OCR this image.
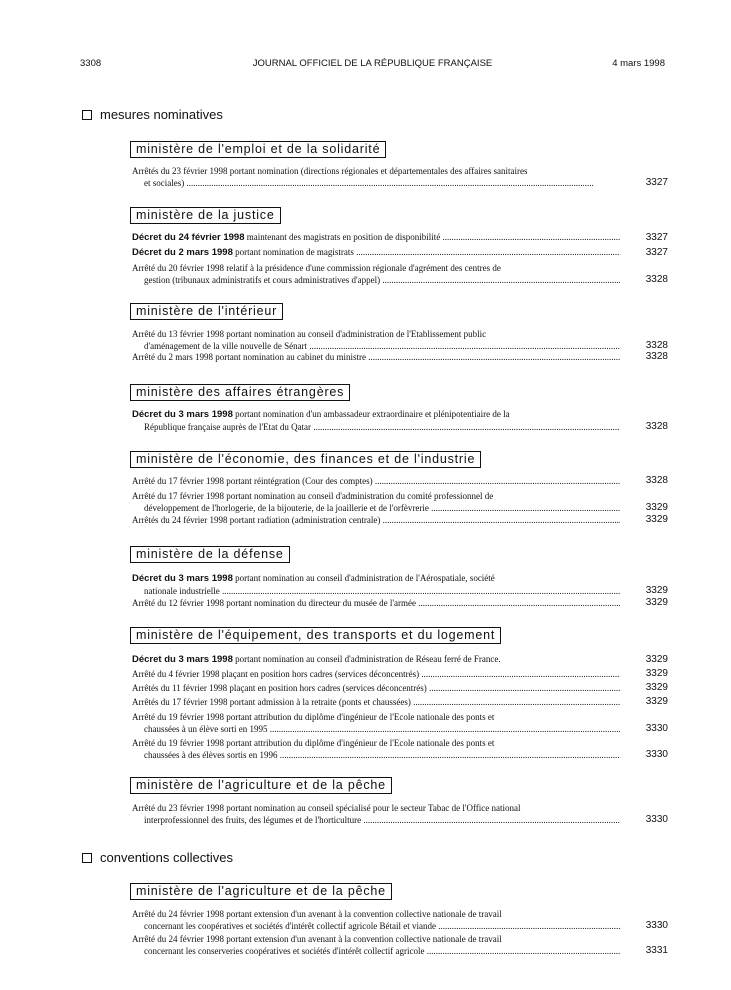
3308	JOURNAL OFFICIEL DE LA RÉPUBLIQUE FRANÇAISE	4 mars 1998
mesures nominatives
ministère de l'emploi et de la solidarité
Arrêtés du 23 février 1998 portant nomination (directions régionales et départementales des affaires sanitaires
et sociales) .....	3327
ministère de la justice
Décret du 24 février 1998 maintenant des magistrats en position de disponibilité .....	3327
Décret du 2 mars 1998 portant nomination de magistrats .....	3327
Arrêté du 20 février 1998 relatif à la présidence d'une commission régionale d'agrément des centres de
gestion (tribunaux administratifs et cours administratives d'appel) .....	3328
ministère de l'intérieur
Arrêté du 13 février 1998 portant nomination au conseil d'administration de l'Etablissement public
d'aménagement de la ville nouvelle de Sénart .....	3328
Arrêté du 2 mars 1998 portant nomination au cabinet du ministre .....	3328
ministère des affaires étrangères
Décret du 3 mars 1998 portant nomination d'un ambassadeur extraordinaire et plénipotentiaire de la
République française auprès de l'Etat du Qatar .....	3328
ministère de l'économie, des finances et de l'industrie
Arrêté du 17 février 1998 portant réintégration (Cour des comptes) .....	3328
Arrêté du 17 février 1998 portant nomination au conseil d'administration du comité professionnel de
développement de l'horlogerie, de la bijouterie, de la joaillerie et de l'orfèvrerie .....	3329
Arrêtés du 24 février 1998 portant radiation (administration centrale) .....	3329
ministère de la défense
Décret du 3 mars 1998 portant nomination au conseil d'administration de l'Aérospatiale, société
nationale industrielle .....	3329
Arrêté du 12 février 1998 portant nomination du directeur du musée de l'armée .....	3329
ministère de l'équipement, des transports et du logement
Décret du 3 mars 1998 portant nomination au conseil d'administration de Réseau ferré de France.	3329
Arrêté du 4 février 1998 plaçant en position hors cadres (services déconcentrés) .....	3329
Arrêtés du 11 février 1998 plaçant en position hors cadres (services déconcentrés) .....	3329
Arrêtés du 17 février 1998 portant admission à la retraite (ponts et chaussées) .....	3329
Arrêté du 19 février 1998 portant attribution du diplôme d'ingénieur de l'Ecole nationale des ponts et
chaussées à un élève sorti en 1995 .....	3330
Arrêté du 19 février 1998 portant attribution du diplôme d'ingénieur de l'Ecole nationale des ponts et
chaussées à des élèves sortis en 1996 .....	3330
ministère de l'agriculture et de la pêche
Arrêté du 23 février 1998 portant nomination au conseil spécialisé pour le secteur Tabac de l'Office national
interprofessionnel des fruits, des légumes et de l'horticulture .....	3330
conventions collectives
ministère de l'agriculture et de la pêche
Arrêté du 24 février 1998 portant extension d'un avenant à la convention collective nationale de travail
concernant les coopératives et sociétés d'intérêt collectif agricole Bétail et viande .....	3330
Arrêté du 24 février 1998 portant extension d'un avenant à la convention collective nationale de travail
concernant les conserveries coopératives et sociétés d'intérêt collectif agricole .....	3331
